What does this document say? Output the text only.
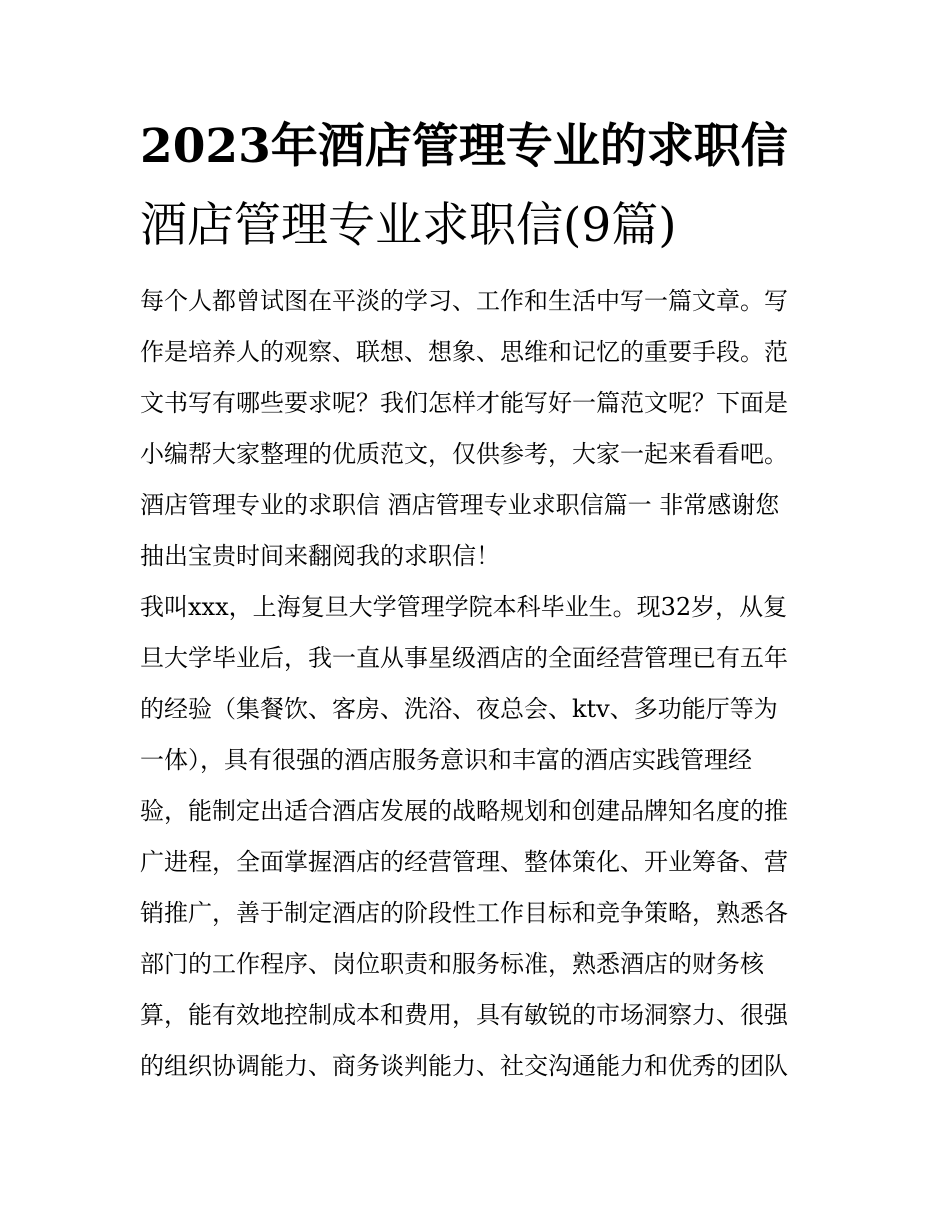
2023年酒店管理专业的求职信
酒店管理专业求职信(9篇)

每个人都曾试图在平淡的学习、工作和生活中写一篇文章。写
作是培养人的观察、联想、想象、思维和记忆的重要手段。范
文书写有哪些要求呢？我们怎样才能写好一篇范文呢？下面是
小编帮大家整理的优质范文，仅供参考，大家一起来看看吧。
酒店管理专业的求职信 酒店管理专业求职信篇一 非常感谢您
抽出宝贵时间来翻阅我的求职信！

我叫xxx，上海复旦大学管理学院本科毕业生。现32岁，从复
旦大学毕业后，我一直从事星级酒店的全面经营管理已有五年
的经验（集餐饮、客房、洗浴、夜总会、ktv、多功能厅等为
一体），具有很强的酒店服务意识和丰富的酒店实践管理经
验，能制定出适合酒店发展的战略规划和创建品牌知名度的推
广进程，全面掌握酒店的经营管理、整体策化、开业筹备、营
销推广，善于制定酒店的阶段性工作目标和竞争策略，熟悉各
部门的工作程序、岗位职责和服务标准，熟悉酒店的财务核
算，能有效地控制成本和费用，具有敏锐的市场洞察力、很强
的组织协调能力、商务谈判能力、社交沟通能力和优秀的团队
